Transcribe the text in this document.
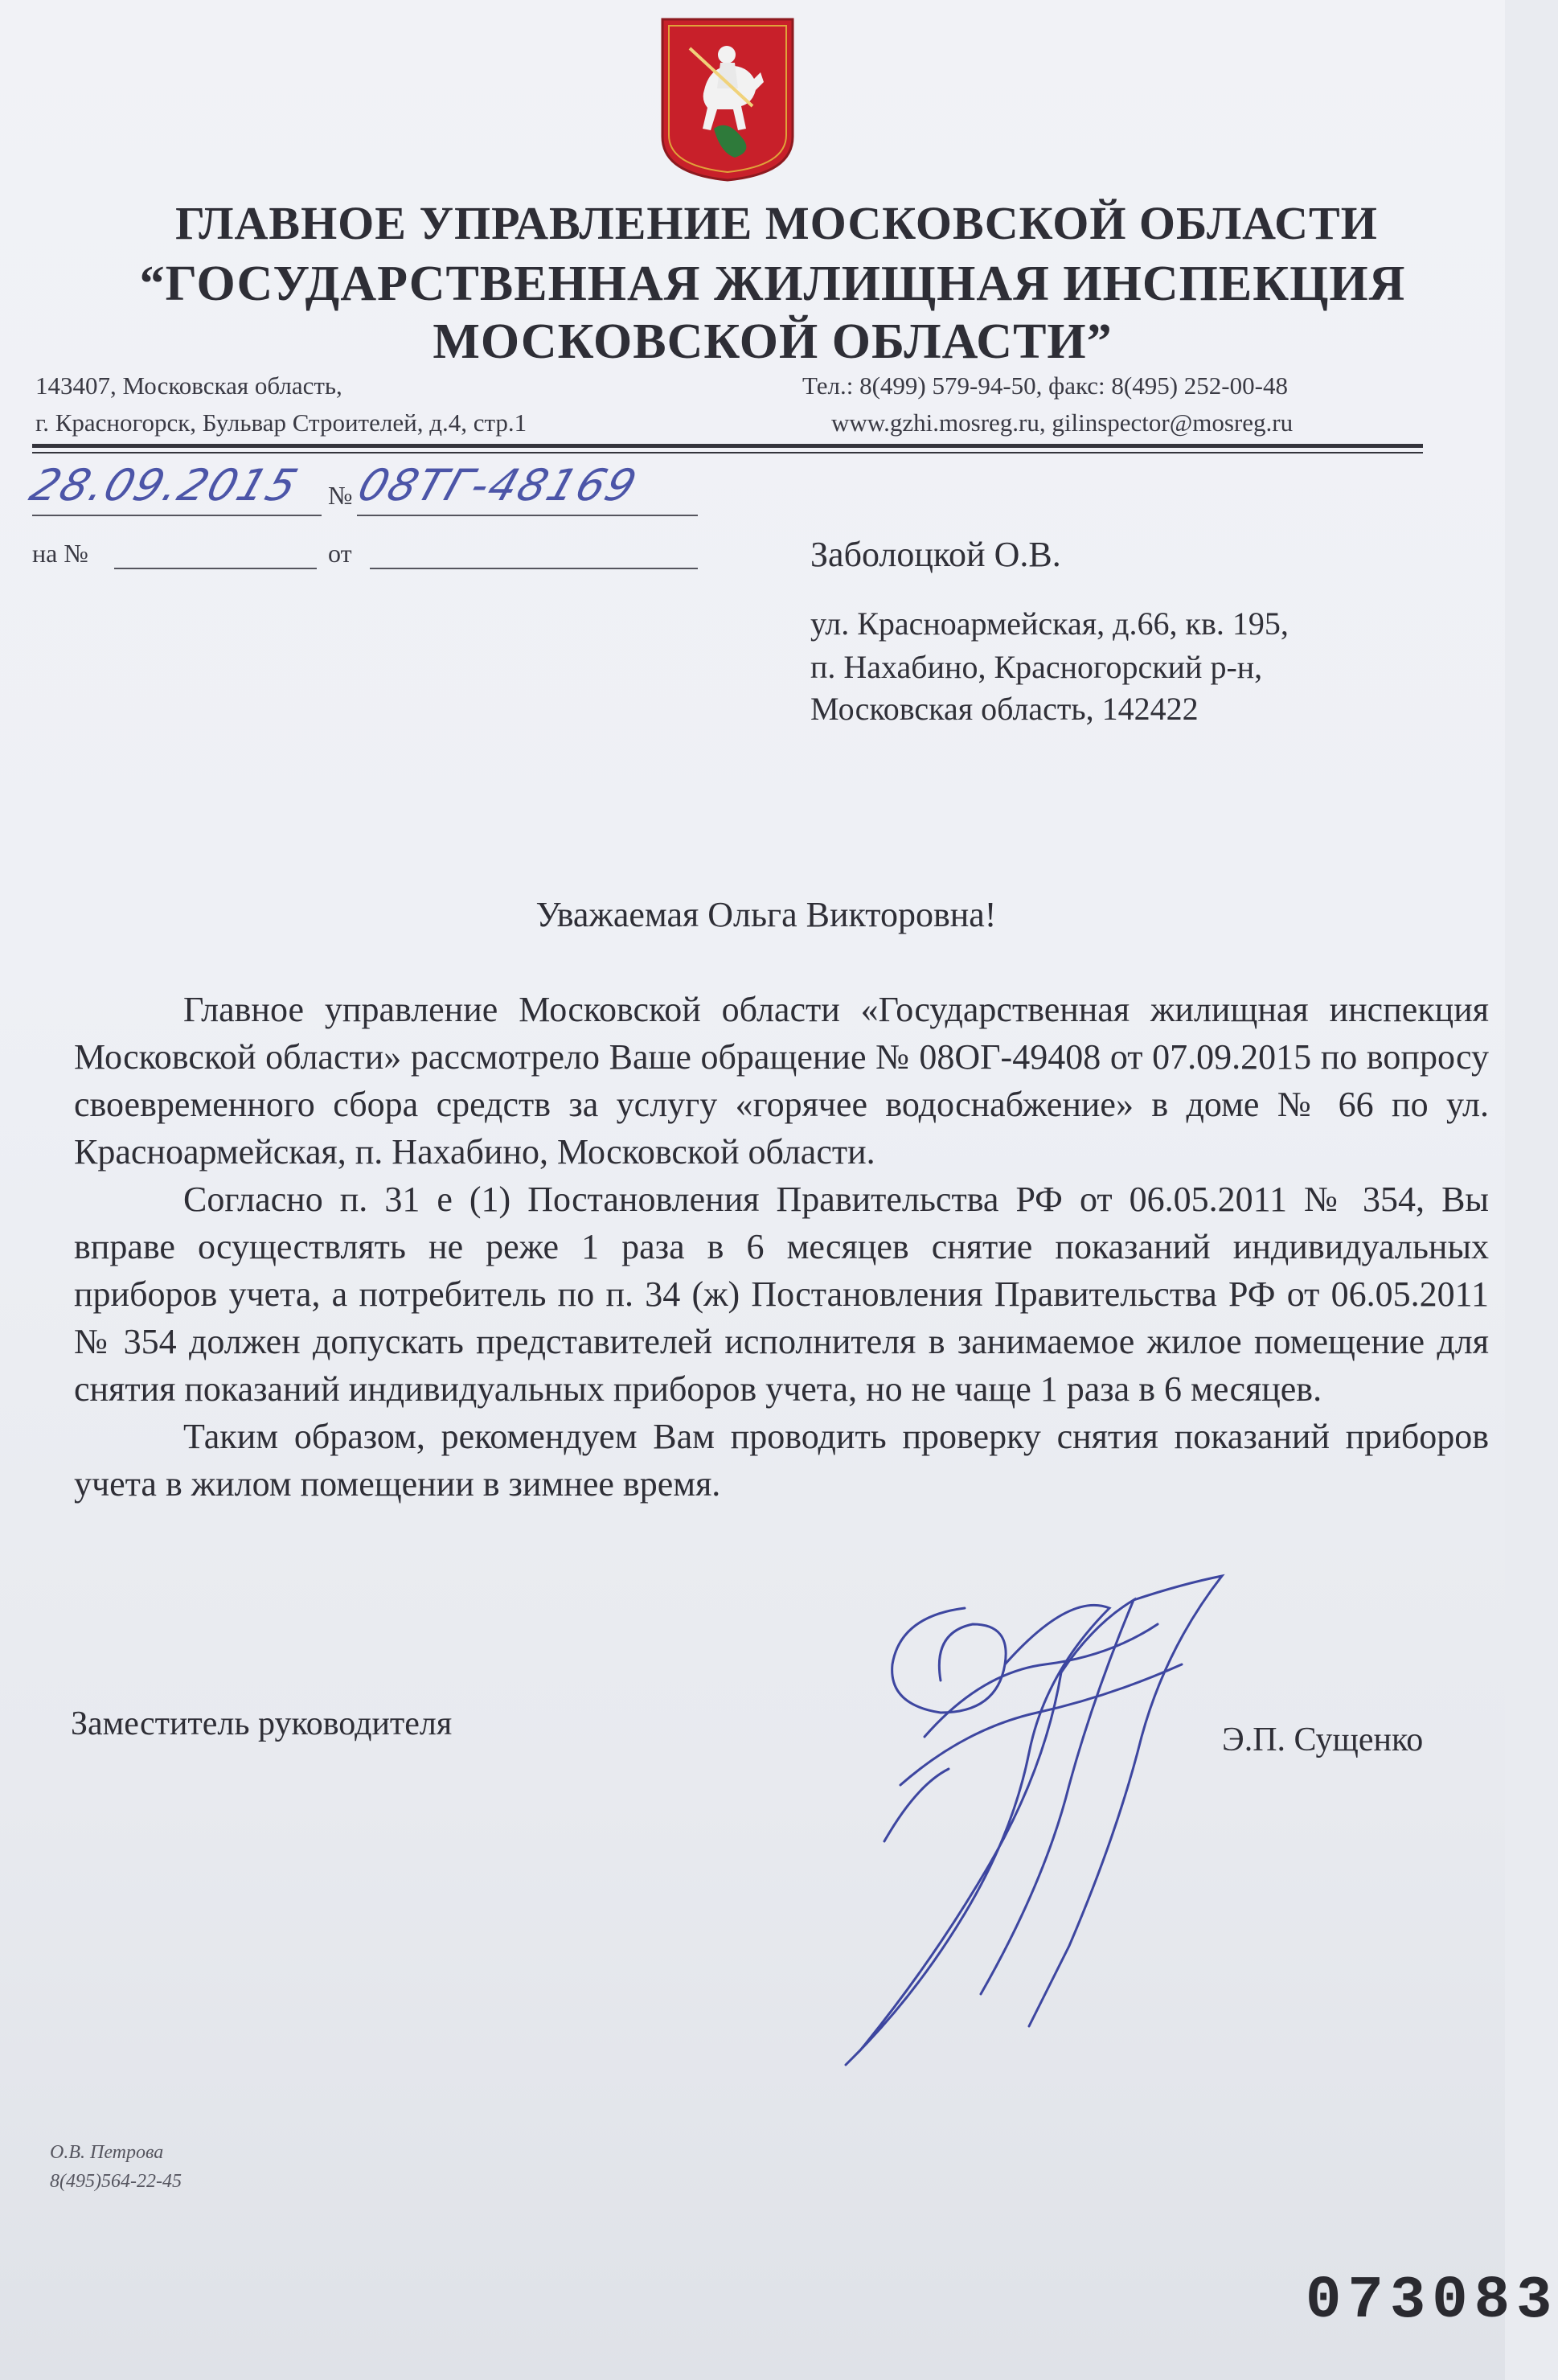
ГЛАВНОЕ УПРАВЛЕНИЕ МОСКОВСКОЙ ОБЛАСТИ
“ГОСУДАРСТВЕННАЯ ЖИЛИЩНАЯ ИНСПЕКЦИЯ
МОСКОВСКОЙ ОБЛАСТИ”
143407, Московская область,
г. Красногорск, Бульвар Строителей, д.4, стр.1
Тел.: 8(499) 579-94-50, факс: 8(495) 252-00-48
www.gzhi.mosreg.ru, gilinspector@mosreg.ru
28.09.2015 № 08ТГ-48169
на №	от	Заболоцкой О.В.
ул. Красноармейская, д.66, кв. 195,
п. Нахабино, Красногорский р-н,
Московская область, 142422
Уважаемая Ольга Викторовна!

Главное управление Московской области «Государственная жилищная инспекция Московской области» рассмотрело Ваше обращение № 08ОГ-49408 от 07.09.2015 по вопросу своевременного сбора средств за услугу «горячее водоснабжение» в доме № 66 по ул. Красноармейская, п. Нахабино, Московской области.

Согласно п. 31 е (1) Постановления Правительства РФ от 06.05.2011 № 354, Вы вправе осуществлять не реже 1 раза в 6 месяцев снятие показаний индивидуальных приборов учета, а потребитель по п. 34 (ж) Постановления Правительства РФ от 06.05.2011 № 354 должен допускать представителей исполнителя в занимаемое жилое помещение для снятия показаний индивидуальных приборов учета, но не чаще 1 раза в 6 месяцев.

Таким образом, рекомендуем Вам проводить проверку снятия показаний приборов учета в жилом помещении в зимнее время.

Заместитель руководителя	Э.П. Сущенко
О.В. Петрова
8(495)564-22-45
073083
